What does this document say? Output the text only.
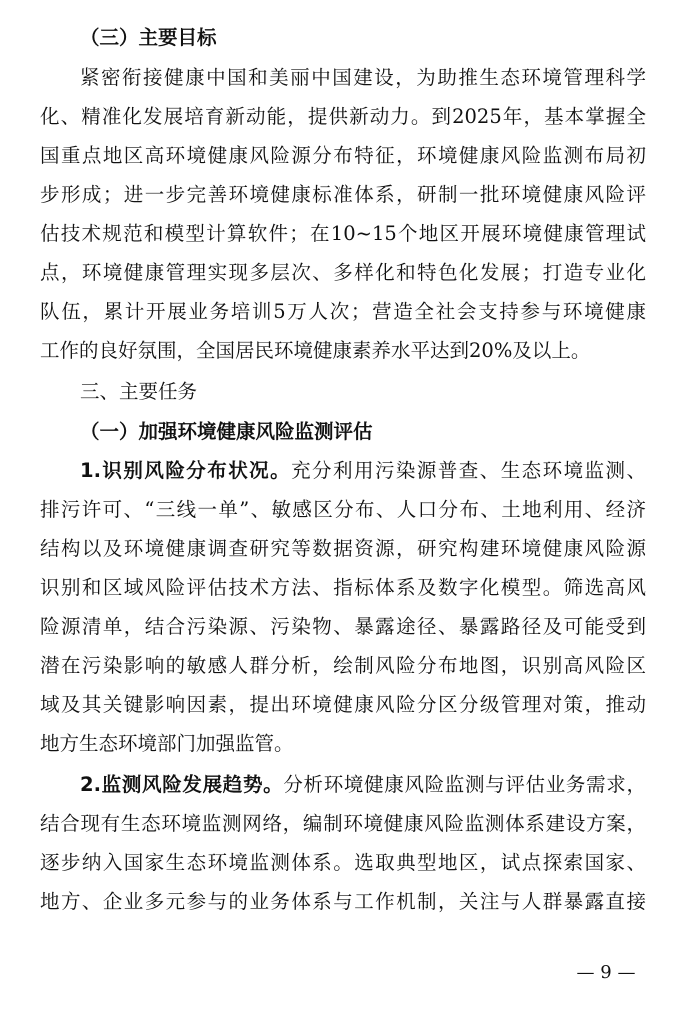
（三）主要目标
紧密衔接健康中国和美丽中国建设，为助推生态环境管理科学
化、精准化发展培育新动能，提供新动力。到2025年，基本掌握全
国重点地区高环境健康风险源分布特征，环境健康风险监测布局初
步形成；进一步完善环境健康标准体系，研制一批环境健康风险评
估技术规范和模型计算软件；在10~15个地区开展环境健康管理试
点，环境健康管理实现多层次、多样化和特色化发展；打造专业化
队伍，累计开展业务培训5万人次；营造全社会支持参与环境健康
工作的良好氛围，全国居民环境健康素养水平达到20%及以上。
三、主要任务
（一）加强环境健康风险监测评估
1.识别风险分布状况。充分利用污染源普查、生态环境监测、
排污许可、“三线一单”、敏感区分布、人口分布、土地利用、经济
结构以及环境健康调查研究等数据资源，研究构建环境健康风险源
识别和区域风险评估技术方法、指标体系及数字化模型。筛选高风
险源清单，结合污染源、污染物、暴露途径、暴露路径及可能受到
潜在污染影响的敏感人群分析，绘制风险分布地图，识别高风险区
域及其关键影响因素，提出环境健康风险分区分级管理对策，推动
地方生态环境部门加强监管。
2.监测风险发展趋势。分析环境健康风险监测与评估业务需求，
结合现有生态环境监测网络，编制环境健康风险监测体系建设方案，
逐步纳入国家生态环境监测体系。选取典型地区，试点探索国家、
地方、企业多元参与的业务体系与工作机制，关注与人群暴露直接
— 9 —
